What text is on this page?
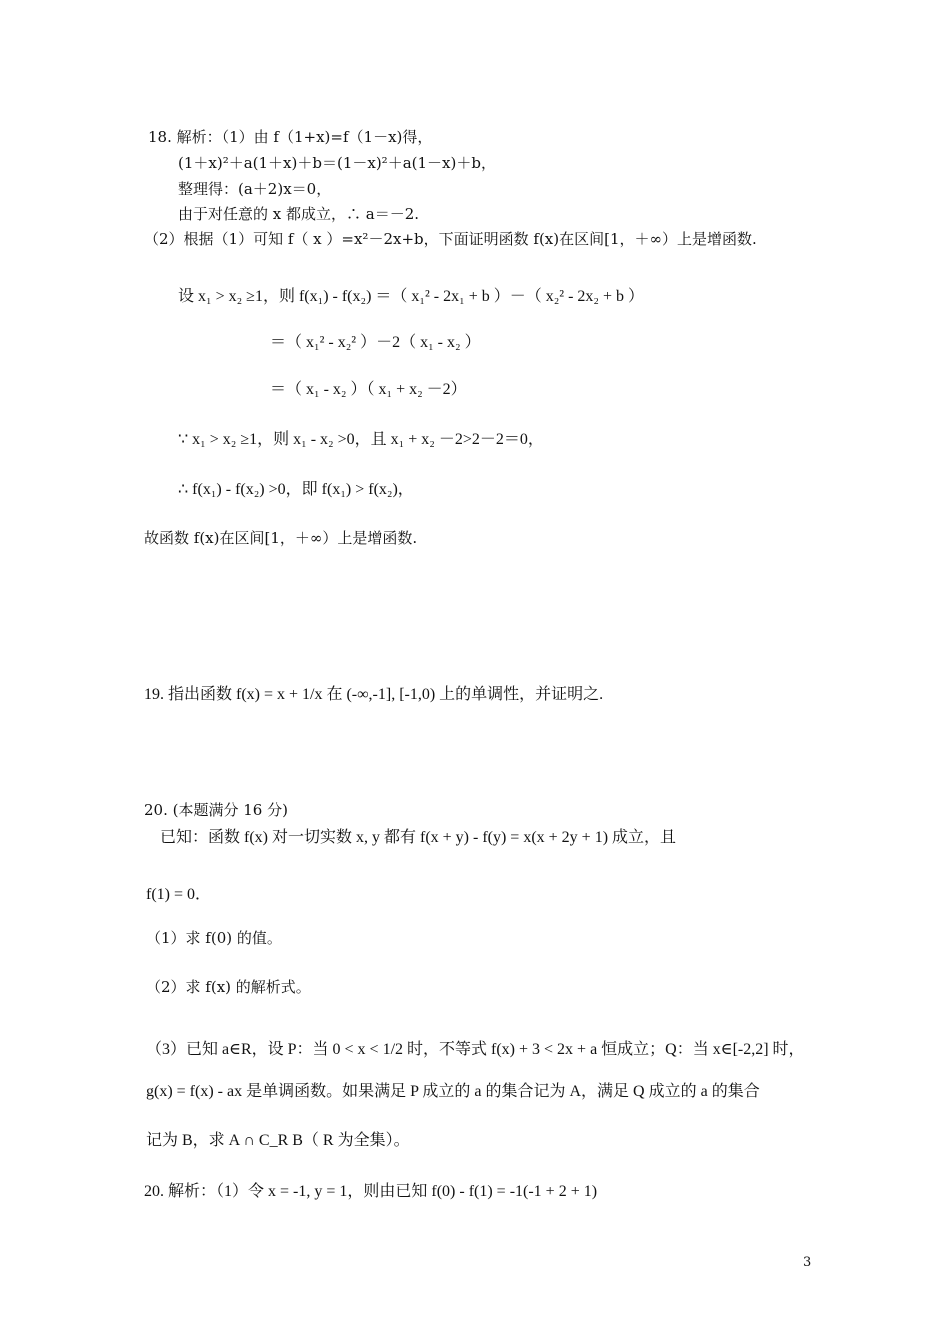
18. 解析：（1）由 f（1+x)=f（1－x)得，
(1＋x)²＋a(1＋x)＋b＝(1－x)²＋a(1－x)＋b，
整理得：(a＋2)x＝0，
由于对任意的 x 都成立，∴ a＝－2.
（2）根据（1）可知 f（ x ）=x²－2x+b，下面证明函数 f(x)在区间[1，＋∞）上是增函数.
设 x₁ > x₂ ≥1，则 f(x₁) - f(x₂) ＝（ x₁² - 2x₁ + b ）－（ x₂² - 2x₂ + b ）
＝（ x₁² - x₂² ）－2（ x₁ - x₂ ）
＝（ x₁ - x₂ ）（ x₁ + x₂ －2）
∵ x₁ > x₂ ≥1，则 x₁ - x₂ >0，且 x₁ + x₂ －2>2－2＝0，
∴ f(x₁) - f(x₂) >0，即 f(x₁) > f(x₂)，
故函数 f(x)在区间[1，＋∞）上是增函数.
19. 指出函数 f(x) = x + 1/x 在 (-∞,-1], [-1,0) 上的单调性，并证明之.
20. (本题满分 16 分)
已知：函数 f(x) 对一切实数 x, y 都有 f(x + y) - f(y) = x(x + 2y + 1) 成立，且
f(1) = 0．
（1）求 f(0) 的值。
（2）求 f(x) 的解析式。
（3）已知 a∈R，设 P：当 0 < x < 1/2 时，不等式 f(x) + 3 < 2x + a 恒成立；Q：当 x∈[-2,2] 时，
g(x) = f(x) - ax 是单调函数。如果满足 P 成立的 a 的集合记为 A，满足 Q 成立的 a 的集合
记为 B，求 A ∩ C_R B（ R 为全集）。
20. 解析：（1）令 x = -1, y = 1，则由已知 f(0) - f(1) = -1(-1 + 2 + 1)
3
